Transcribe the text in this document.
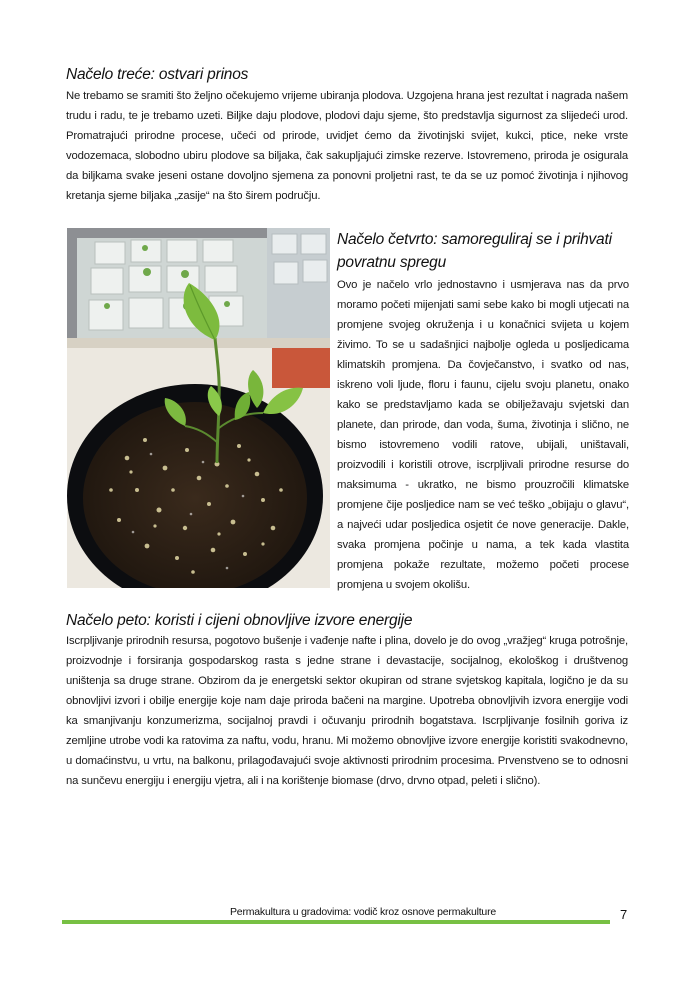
Načelo treće: ostvari prinos

Ne trebamo se sramiti što željno očekujemo vrijeme ubiranja plodova. Uzgojena hrana jest rezultat i nagrada našem trudu i radu, te je trebamo uzeti. Biljke daju plodove, plodovi daju sjeme, što predstavlja sigurnost za slijedeći urod. Promatrajući prirodne procese, učeći od prirode, uvidjet ćemo da životinjski svijet, kukci, ptice, neke vrste vodozemaca, slobodno ubiru plodove sa biljaka, čak sakupljajući zimske rezerve. Istovremeno, priroda je osigurala da biljkama svake jeseni ostane dovoljno sjemena za ponovni proljetni rast, te da se uz pomoć životinja i njihovog kretanja sjeme biljaka „zasije“ na što širem području.

Načelo četvrto: samoreguliraj se i prihvati povratnu spregu

Ovo je načelo vrlo jednostavno i usmjerava nas da prvo moramo početi mijenjati sami sebe kako bi mogli utjecati na promjene svojeg okruženja i u konačnici svijeta u kojem živimo. To se u sadašnjici najbolje ogleda u posljedicama klimatskih promjena. Da čovječanstvo, i svatko od nas, iskreno voli ljude, floru i faunu, cijelu svoju planetu, onako kako se predstavljamo kada se obilježavaju svjetski dan planete, dan prirode, dan voda, šuma, životinja i slično, ne bismo istovremeno vodili ratove, ubijali, uništavali, proizvodili i koristili otrove, iscrpljivali prirodne resurse do maksimuma - ukratko, ne bismo prouzročili klimatske promjene čije posljedice nam se već teško „obijaju o glavu“, a najveći udar posljedica osjetit će nove generacije. Dakle, svaka promjena počinje u nama, a tek kada vlastita promjena pokaže rezultate, možemo početi procese promjena u svojem okolišu.

Načelo peto: koristi i cijeni obnovljive izvore energije

Iscrpljivanje prirodnih resursa, pogotovo bušenje i vađenje nafte i plina, dovelo je do ovog „vražjeg“ kruga potrošnje, proizvodnje i forsiranja gospodarskog rasta s jedne strane i devastacije, socijalnog, ekološkog i društvenog uništenja sa druge strane. Obzirom da je energetski sektor okupiran od strane svjetskog kapitala, logično je da su obnovljivi izvori i obilje energije koje nam daje priroda bačeni na margine. Upotreba obnovljivih izvora energije vodi ka smanjivanju konzumerizma, socijalnoj pravdi i očuvanju prirodnih bogatstava. Iscrpljivanje fosilnih goriva iz zemljine utrobe vodi ka ratovima za naftu, vodu, hranu. Mi možemo obnovljive izvore energije koristiti svakodnevno, u domaćinstvu, u vrtu, na balkonu, prilagođavajući svoje aktivnosti prirodnim procesima. Prvenstveno se to odnosni na sunčevu energiju i energiju vjetra, ali i na korištenje biomase (drvo, drvno otpad, peleti i slično).

Permakultura u gradovima: vodič kroz osnove permakulture	7
